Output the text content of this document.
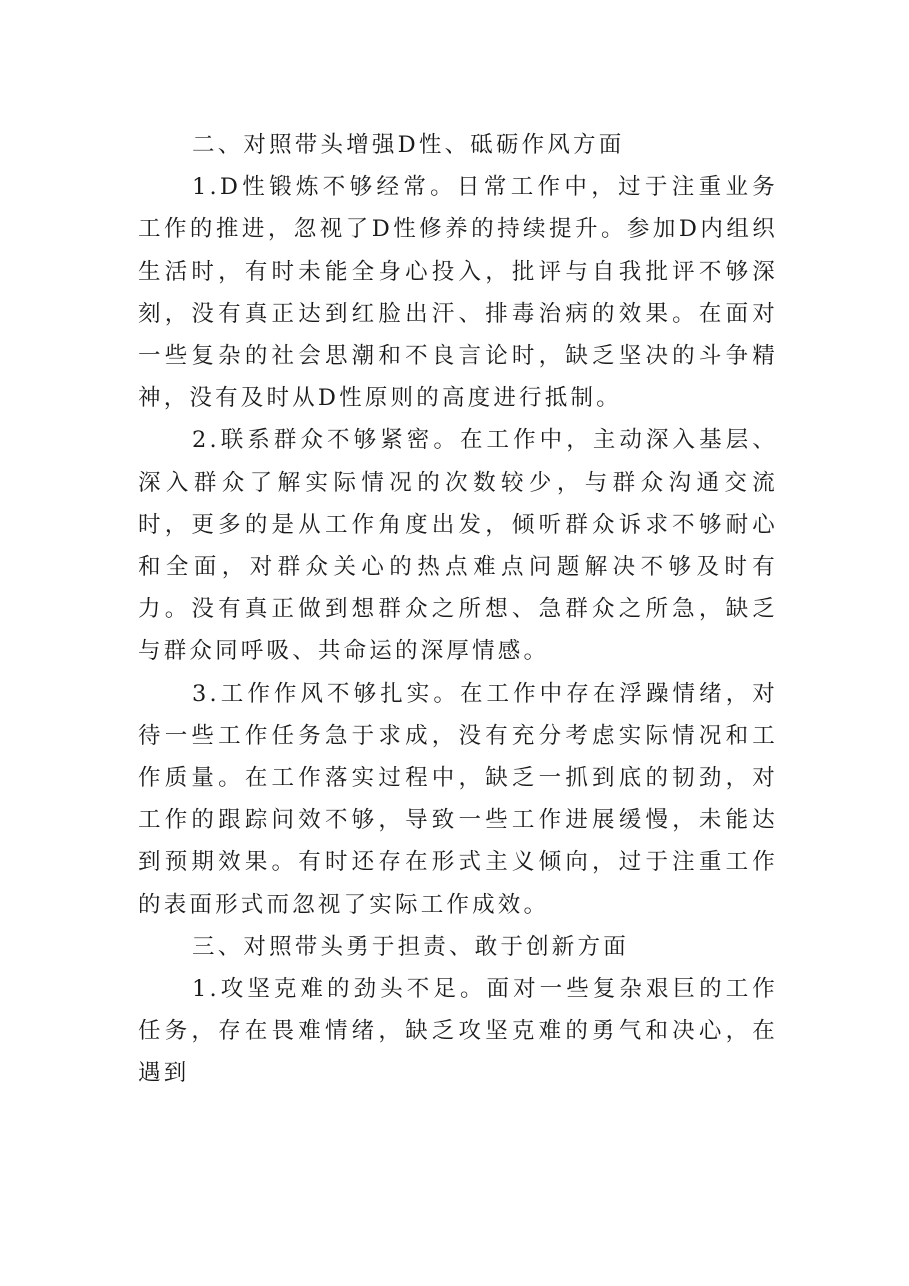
二、对照带头增强D性、砥砺作风方面

1.D性锻炼不够经常。日常工作中，过于注重业务工作的推进，忽视了D性修养的持续提升。参加D内组织生活时，有时未能全身心投入，批评与自我批评不够深刻，没有真正达到红脸出汗、排毒治病的效果。在面对一些复杂的社会思潮和不良言论时，缺乏坚决的斗争精神，没有及时从D性原则的高度进行抵制。

2.联系群众不够紧密。在工作中，主动深入基层、深入群众了解实际情况的次数较少，与群众沟通交流时，更多的是从工作角度出发，倾听群众诉求不够耐心和全面，对群众关心的热点难点问题解决不够及时有力。没有真正做到想群众之所想、急群众之所急，缺乏与群众同呼吸、共命运的深厚情感。

3.工作作风不够扎实。在工作中存在浮躁情绪，对待一些工作任务急于求成，没有充分考虑实际情况和工作质量。在工作落实过程中，缺乏一抓到底的韧劲，对工作的跟踪问效不够，导致一些工作进展缓慢，未能达到预期效果。有时还存在形式主义倾向，过于注重工作的表面形式而忽视了实际工作成效。

三、对照带头勇于担责、敢于创新方面

1.攻坚克难的劲头不足。面对一些复杂艰巨的工作任务，存在畏难情绪，缺乏攻坚克难的勇气和决心，在遇到
